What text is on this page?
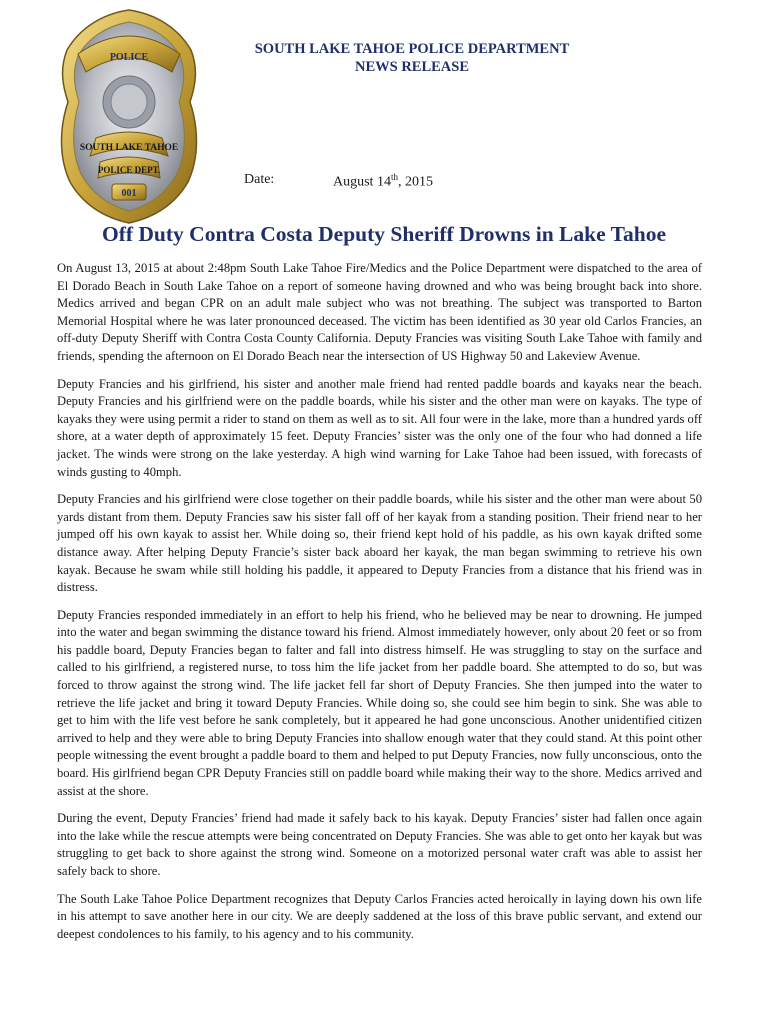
POLICE
SOUTH LAKE TAHOE
POLICE DEPT.
001
SOUTH LAKE TAHOE POLICE DEPARTMENT
NEWS RELEASE
Date:	August 14th, 2015
Off Duty Contra Costa Deputy Sheriff Drowns in Lake Tahoe

On August 13, 2015 at about 2:48pm South Lake Tahoe Fire/Medics and the Police Department were dispatched to the area of El Dorado Beach in South Lake Tahoe on a report of someone having drowned and who was being brought back into shore. Medics arrived and began CPR on an adult male subject who was not breathing. The subject was transported to Barton Memorial Hospital where he was later pronounced deceased. The victim has been identified as 30 year old Carlos Francies, an off-duty Deputy Sheriff with Contra Costa County California. Deputy Francies was visiting South Lake Tahoe with family and friends, spending the afternoon on El Dorado Beach near the intersection of US Highway 50 and Lakeview Avenue.

Deputy Francies and his girlfriend, his sister and another male friend had rented paddle boards and kayaks near the beach. Deputy Francies and his girlfriend were on the paddle boards, while his sister and the other man were on kayaks. The type of kayaks they were using permit a rider to stand on them as well as to sit. All four were in the lake, more than a hundred yards off shore, at a water depth of approximately 15 feet. Deputy Francies’ sister was the only one of the four who had donned a life jacket. The winds were strong on the lake yesterday. A high wind warning for Lake Tahoe had been issued, with forecasts of winds gusting to 40mph.

Deputy Francies and his girlfriend were close together on their paddle boards, while his sister and the other man were about 50 yards distant from them. Deputy Francies saw his sister fall off of her kayak from a standing position. Their friend near to her jumped off his own kayak to assist her. While doing so, their friend kept hold of his paddle, as his own kayak drifted some distance away. After helping Deputy Francie’s sister back aboard her kayak, the man began swimming to retrieve his own kayak. Because he swam while still holding his paddle, it appeared to Deputy Francies from a distance that his friend was in distress.

Deputy Francies responded immediately in an effort to help his friend, who he believed may be near to drowning. He jumped into the water and began swimming the distance toward his friend. Almost immediately however, only about 20 feet or so from his paddle board, Deputy Francies began to falter and fall into distress himself. He was struggling to stay on the surface and called to his girlfriend, a registered nurse, to toss him the life jacket from her paddle board. She attempted to do so, but was forced to throw against the strong wind. The life jacket fell far short of Deputy Francies. She then jumped into the water to retrieve the life jacket and bring it toward Deputy Francies. While doing so, she could see him begin to sink. She was able to get to him with the life vest before he sank completely, but it appeared he had gone unconscious. Another unidentified citizen arrived to help and they were able to bring Deputy Francies into shallow enough water that they could stand. At this point other people witnessing the event brought a paddle board to them and helped to put Deputy Francies, now fully unconscious, onto the board. His girlfriend began CPR Deputy Francies still on paddle board while making their way to the shore. Medics arrived and assist at the shore.

During the event, Deputy Francies’ friend had made it safely back to his kayak. Deputy Francies’ sister had fallen once again into the lake while the rescue attempts were being concentrated on Deputy Francies. She was able to get onto her kayak but was struggling to get back to shore against the strong wind. Someone on a motorized personal water craft was able to assist her safely back to shore.

The South Lake Tahoe Police Department recognizes that Deputy Carlos Francies acted heroically in laying down his own life in his attempt to save another here in our city. We are deeply saddened at the loss of this brave public servant, and extend our deepest condolences to his family, to his agency and to his community.
